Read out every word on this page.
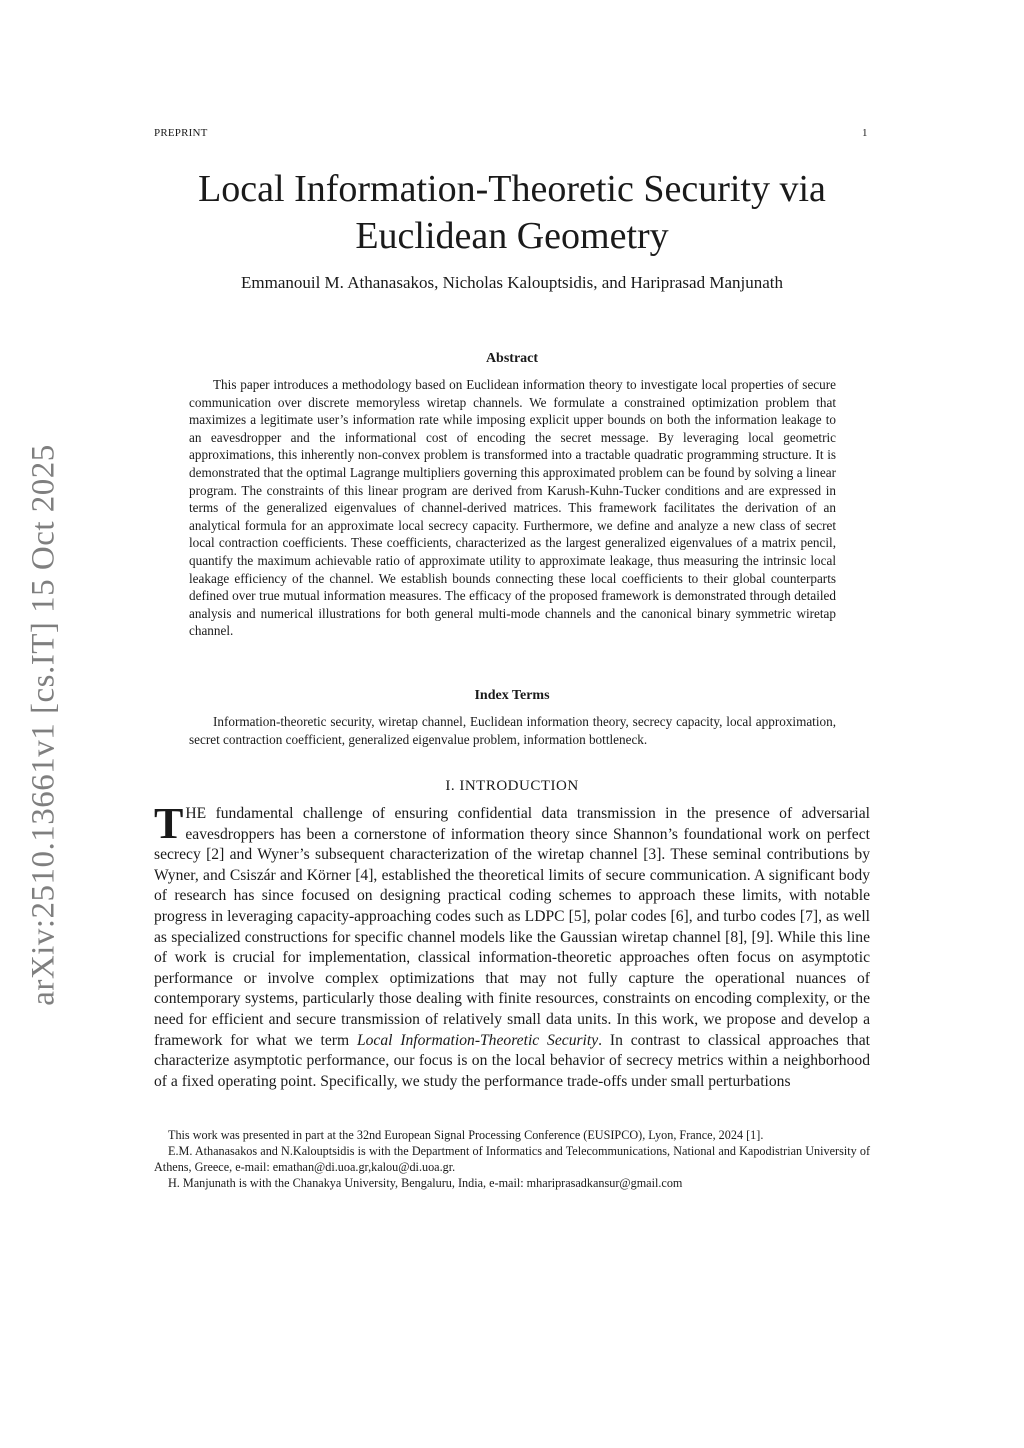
PREPRINT	1
arXiv:2510.13661v1 [cs.IT] 15 Oct 2025
Local Information-Theoretic Security via Euclidean Geometry
Emmanouil M. Athanasakos, Nicholas Kalouptsidis, and Hariprasad Manjunath
Abstract

This paper introduces a methodology based on Euclidean information theory to investigate local properties of secure communication over discrete memoryless wiretap channels. We formulate a constrained optimization problem that maximizes a legitimate user’s information rate while imposing explicit upper bounds on both the information leakage to an eavesdropper and the informational cost of encoding the secret message. By leveraging local geometric approximations, this inherently non-convex problem is transformed into a tractable quadratic programming structure. It is demonstrated that the optimal Lagrange multipliers governing this approximated problem can be found by solving a linear program. The constraints of this linear program are derived from Karush-Kuhn-Tucker conditions and are expressed in terms of the generalized eigenvalues of channel-derived matrices. This framework facilitates the derivation of an analytical formula for an approximate local secrecy capacity. Furthermore, we define and analyze a new class of secret local contraction coefficients. These coefficients, characterized as the largest generalized eigenvalues of a matrix pencil, quantify the maximum achievable ratio of approximate utility to approximate leakage, thus measuring the intrinsic local leakage efficiency of the channel. We establish bounds connecting these local coefficients to their global counterparts defined over true mutual information measures. The efficacy of the proposed framework is demonstrated through detailed analysis and numerical illustrations for both general multi-mode channels and the canonical binary symmetric wiretap channel.

Index Terms

Information-theoretic security, wiretap channel, Euclidean information theory, secrecy capacity, local approximation, secret contraction coefficient, generalized eigenvalue problem, information bottleneck.

I. INTRODUCTION

THE fundamental challenge of ensuring confidential data transmission in the presence of adversarial eavesdroppers has been a cornerstone of information theory since Shannon’s foundational work on perfect secrecy [2] and Wyner’s subsequent characterization of the wiretap channel [3]. These seminal contributions by Wyner, and Csiszár and Körner [4], established the theoretical limits of secure communication. A significant body of research has since focused on designing practical coding schemes to approach these limits, with notable progress in leveraging capacity-approaching codes such as LDPC [5], polar codes [6], and turbo codes [7], as well as specialized constructions for specific channel models like the Gaussian wiretap channel [8], [9]. While this line of work is crucial for implementation, classical information-theoretic approaches often focus on asymptotic performance or involve complex optimizations that may not fully capture the operational nuances of contemporary systems, particularly those dealing with finite resources, constraints on encoding complexity, or the need for efficient and secure transmission of relatively small data units. In this work, we propose and develop a framework for what we term Local Information-Theoretic Security. In contrast to classical approaches that characterize asymptotic performance, our focus is on the local behavior of secrecy metrics within a neighborhood of a fixed operating point. Specifically, we study the performance trade-offs under small perturbations

This work was presented in part at the 32nd European Signal Processing Conference (EUSIPCO), Lyon, France, 2024 [1].

E.M. Athanasakos and N.Kalouptsidis is with the Department of Informatics and Telecommunications, National and Kapodistrian University of Athens, Greece, e-mail: emathan@di.uoa.gr,kalou@di.uoa.gr.

H. Manjunath is with the Chanakya University, Bengaluru, India, e-mail: mhariprasadkansur@gmail.com
